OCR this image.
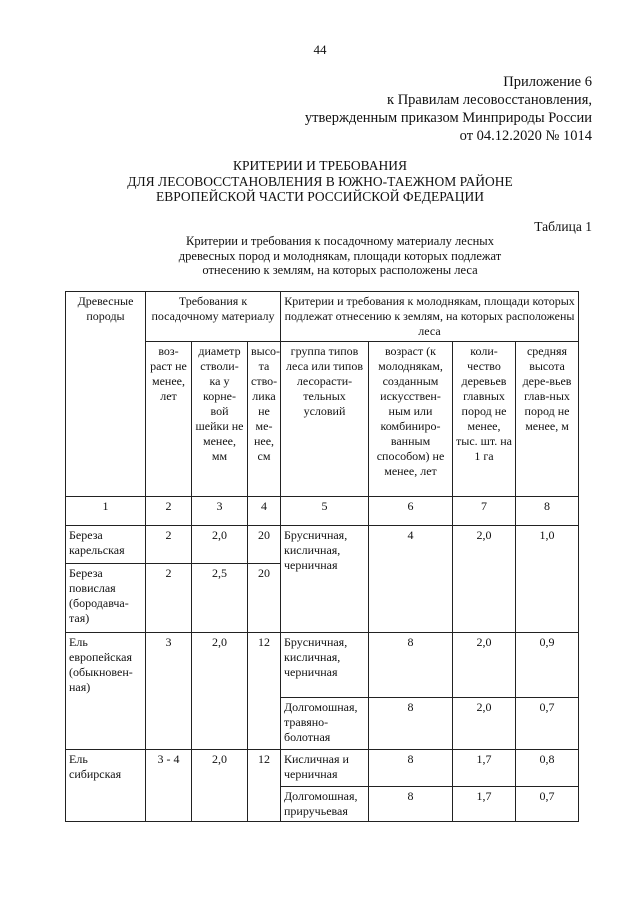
44
Приложение 6
к Правилам лесовосстановления,
утвержденным приказом Минприроды России
от 04.12.2020 № 1014
КРИТЕРИИ И ТРЕБОВАНИЯ
ДЛЯ ЛЕСОВОССТАНОВЛЕНИЯ В ЮЖНО-ТАЕЖНОМ РАЙОНЕ
ЕВРОПЕЙСКОЙ ЧАСТИ РОССИЙСКОЙ ФЕДЕРАЦИИ
Таблица 1
Критерии и требования к посадочному материалу лесных
древесных пород и молоднякам, площади которых подлежат
отнесению к землям, на которых расположены леса
Древесные породы	Требования к посадочному материалу			Критерии и требования к молоднякам, площади которых подлежат отнесению к землям, на которых расположены леса			
	воз-раст не менее, лет	диаметр стволи-ка у корне-вой шейки не менее, мм	высо-та ство-лика не ме-нее, см	группа типов леса или типов лесорасти-тельных условий	возраст (к молоднякам, созданным искусствен-ным или комбиниро-ванным способом) не менее, лет	коли-чество деревьев главных пород не менее, тыс. шт. на 1 га	средняя высота дере-вьев глав-ных пород не менее, м
1	2	3	4	5	6	7	8
Береза карельская	2	2,0	20	Брусничная, кисличная, черничная	4	2,0	1,0
Береза повислая (бородавча-тая)	2	2,5	20				
Ель европейская (обыкновен-ная)	3	2,0	12	Брусничная, кисличная, черничная	8	2,0	0,9
				Долгомошная, травяно-болотная	8	2,0	0,7
Ель сибирская	3 - 4	2,0	12	Кисличная и черничная	8	1,7	0,8
				Долгомошная, приручьевая	8	1,7	0,7
